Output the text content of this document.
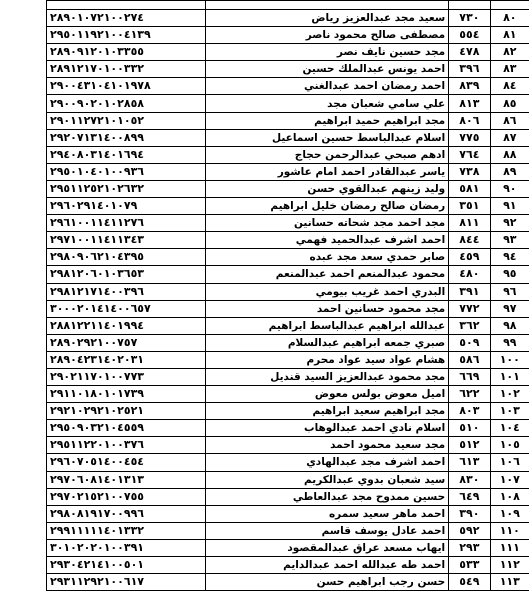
٨٠	٧٣٠	سعيد مجد عبدالعزيز رياض	٢٨٩٠١٠٧٢١٠٠٢٧٤
٨١	٥٥٤	مصطفى صالح محمود ناصر	٢٩٥٠١١٩٢١٠٠٤١٣٩
٨٢	٤٧٨	مجد حسين نايف نصر	٢٨٩٠٩١٢٠١٠٣٣٥٥
٨٣	٣٩٦	احمد يونس عبدالملك حسين	٢٨٩١٢١٧٠١٠٠٣٣٢
٨٤	٨٣٩	احمد رمضان احمد عبدالغني	٢٩٠٠٤٣١٠٤١٠١٩٧٨
٨٥	٨١٣	علي سامي شعبان مجد	٢٩٠٠٩٠٢٠١٠٢٨٥٨
٨٦	٨٠٦	مجد ابراهيم حميد ابراهيم	٢٩٠١١٢٧٢١٠١٠٥٢
٨٧	٧٧٥	اسلام عبدالباسط حسين اسماعيل	٢٩٢٠٧١٣١٤٠٠٨٩٩
٨٨	٧٦٤	ادهم صبحي عبدالرحمن حجاج	٢٩٤٠٨٠٣١٤٠١٦٩٤
٨٩	٧٣٨	ياسر عبدالقادر احمد امام عاشور	٢٩٥٠١٠٤٠١٠٠٩٣٦
٩٠	٥٨١	وليد زينهم عبدالقوي حسن	٢٩٥١١٢٥٢١٠٢٦٣٢
٩١	٣٥١	رمضان صالح رمضان خليل ابراهيم	٢٩٦٠٢٩١٤٠١٠٧٩
٩٢	٨١١	مجد احمد مجد شحاته حسانين	٢٩٦١٠٠١١٤١١٢٧٦
٩٣	٨٤٤	احمد اشرف عبدالحميد فهمي	٢٩٧١٠٠١١٤١١٣٤٣
٩٤	٤٥٩	صابر حمدي سعد مجد عبده	٢٩٨٠٩٠٦٢١٠٤٣٩٥
٩٥	٤٨٠	محمود عبدالمنعم احمد عبدالمنعم	٢٩٨١٢٠٦٠١٠٣٦٥٣
٩٦	٣٩١	البدري احمد غريب بيومي	٢٩٨١٢١٧١٤٠٠٣٩٦
٩٧	٧٧٢	مجد محمود حسانين احمد	٣٠٠٠٢٠١٤١٤٠٠٦٥٧
٩٨	٣٦٢	عبدالله ابراهيم عبدالباسط ابراهيم	٢٨٨١٢٢١١٤٠١٩٩٤
٩٩	٥٠٩	صبري جمعه ابراهيم عبدالسلام	٢٨٩٠٢٩٢١٠٠٧٥٧
١٠٠	٥٨٦	هشام عواد سيد عواد محرم	٢٨٩٠٤٢٣١٤٠٢٠٣١
١٠١	٦٦٩	مجد محمود عبدالعزيز السيد قنديل	٢٩٠٢١١٧٠١٠٠٧٧٣
١٠٢	٦٢٢	اميل معوض بولس معوض	٢٩١١٠١٨٠١٠١٧٣٩
١٠٣	٨٠٣	مجد ابراهيم سعيد ابراهيم	٢٩٢١٠٢٩٢١٠٢٥٢١
١٠٤	٥١٠	اسلام نادي احمد عبدالوهاب	٢٩٥٠٩٠٣٢١٠٤٥٥٩
١٠٥	٥١٢	مجد سعيد محمود احمد	٢٩٥١١٢٢٠١٠٠٣٧٦
١٠٦	٦١٣	احمد اشرف مجد عبدالهادي	٢٩٦٠٧٠٥١٤٠٠٤٥٤
١٠٧	٨٣٠	سيد شعبان بدوي عبدالكريم	٢٩٧٠٦٠٨١٤٠١٣١٣
١٠٨	٦٤٩	حسين ممدوح مجد عبدالعاطي	٢٩٧٠٢١٥٢١٠٠٧٥٥
١٠٩	٣٩٠	احمد ماهر سعيد سمره	٢٩٨٠٨١٩١٧٠٠٩٩٦
١١٠	٥٩٢	احمد عادل يوسف قاسم	٢٩٩١١١١١٤٠١٣٣٢
١١١	٢٩٣	ايهاب مسعد عراق عبدالمقصود	٣٠١٠٢٠٢٠١٠٠٣٩١
١١٢	٥٣٣	احمد طه عبدالله احمد عبدالدايم	٢٩٣٠٤٢١٤١٠٠٥٠١
١١٣	٥٤٩	حسن رجب ابراهيم حسن	٢٩٣١١٢٩٢١٠٠٦١٧
